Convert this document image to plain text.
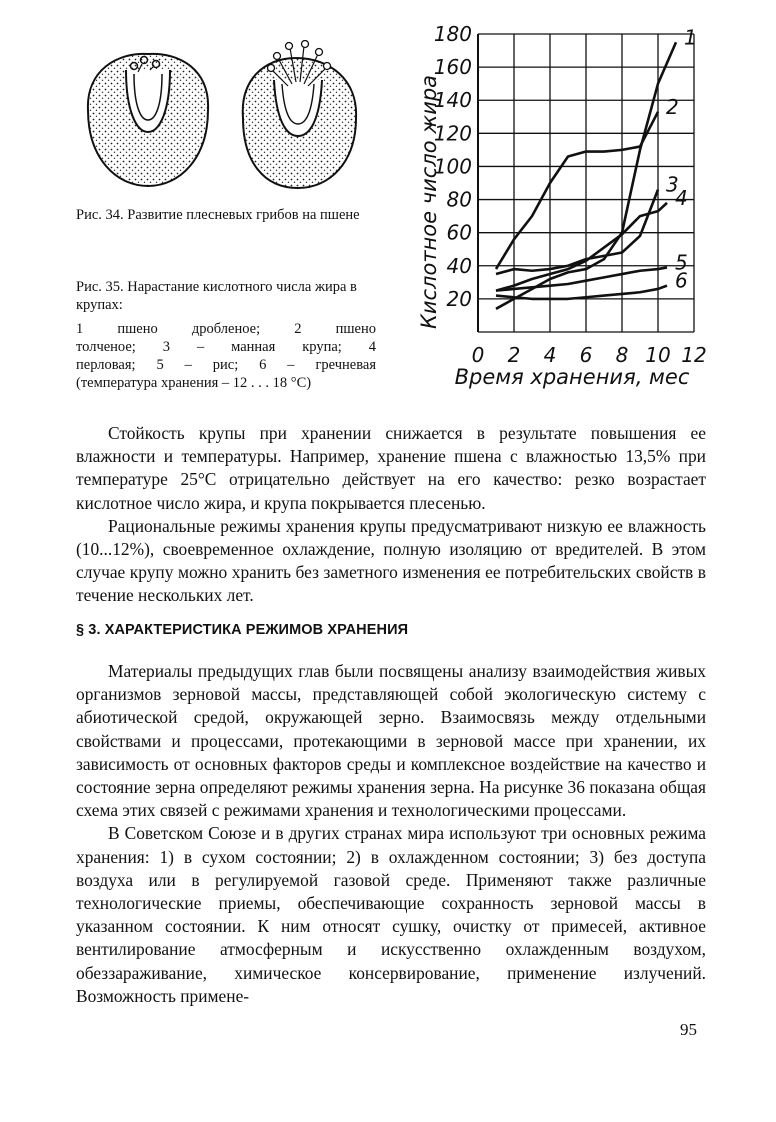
Рис. 34. Развитие плесневых грибов на пшене
Рис. 35. Нарастание кислотного числа жира в крупах:
1 пшено дробленое; 2 пшено
толченое; 3 – манная крупа; 4
перловая; 5 – рис; 6 – гречневая
(температура хранения – 12 . . . 18 °С)
1
2
3
4
5
6
0 2 4 6 8 10 12
20
40
60
80
100
120
140
160
180
Кислотное число жира
Время хранения, мес

Стойкость крупы при хранении снижается в результате повышения ее влажности и температуры. Например, хранение пшена с влажностью 13,5% при температуре 25°С отрицательно действует на его качество: резко возрастает кислотное число жира, и крупа покрывается плесенью.

Рациональные режимы хранения крупы предусматривают низкую ее влажность (10...12%), своевременное охлаждение, полную изоляцию от вредителей. В этом случае крупу можно хранить без заметного изменения ее потребительских свойств в течение нескольких лет.

§ 3. ХАРАКТЕРИСТИКА РЕЖИМОВ ХРАНЕНИЯ

Материалы предыдущих глав были посвящены анализу взаимодействия живых организмов зерновой массы, представляющей собой экологическую систему с абиотической средой, окружающей зерно. Взаимосвязь между отдельными свойствами и процессами, протекающими в зерновой массе при хранении, их зависимость от основных факторов среды и комплексное воздействие на качество и состояние зерна определяют режимы хранения зерна. На рисунке 36 показана общая схема этих связей с режимами хранения и технологическими процессами.

В Советском Союзе и в других странах мира используют три основных режима хранения: 1) в сухом состоянии; 2) в охлажденном состоянии; 3) без доступа воздуха или в регулируемой газовой среде. Применяют также различные технологические приемы, обеспечивающие сохранность зерновой массы в указанном состоянии. К ним относят сушку, очистку от примесей, активное вентилирование атмосферным и искусственно охлажденным воздухом, обеззараживание, химическое консервирование, применение излучений. Возможность примене-

95
